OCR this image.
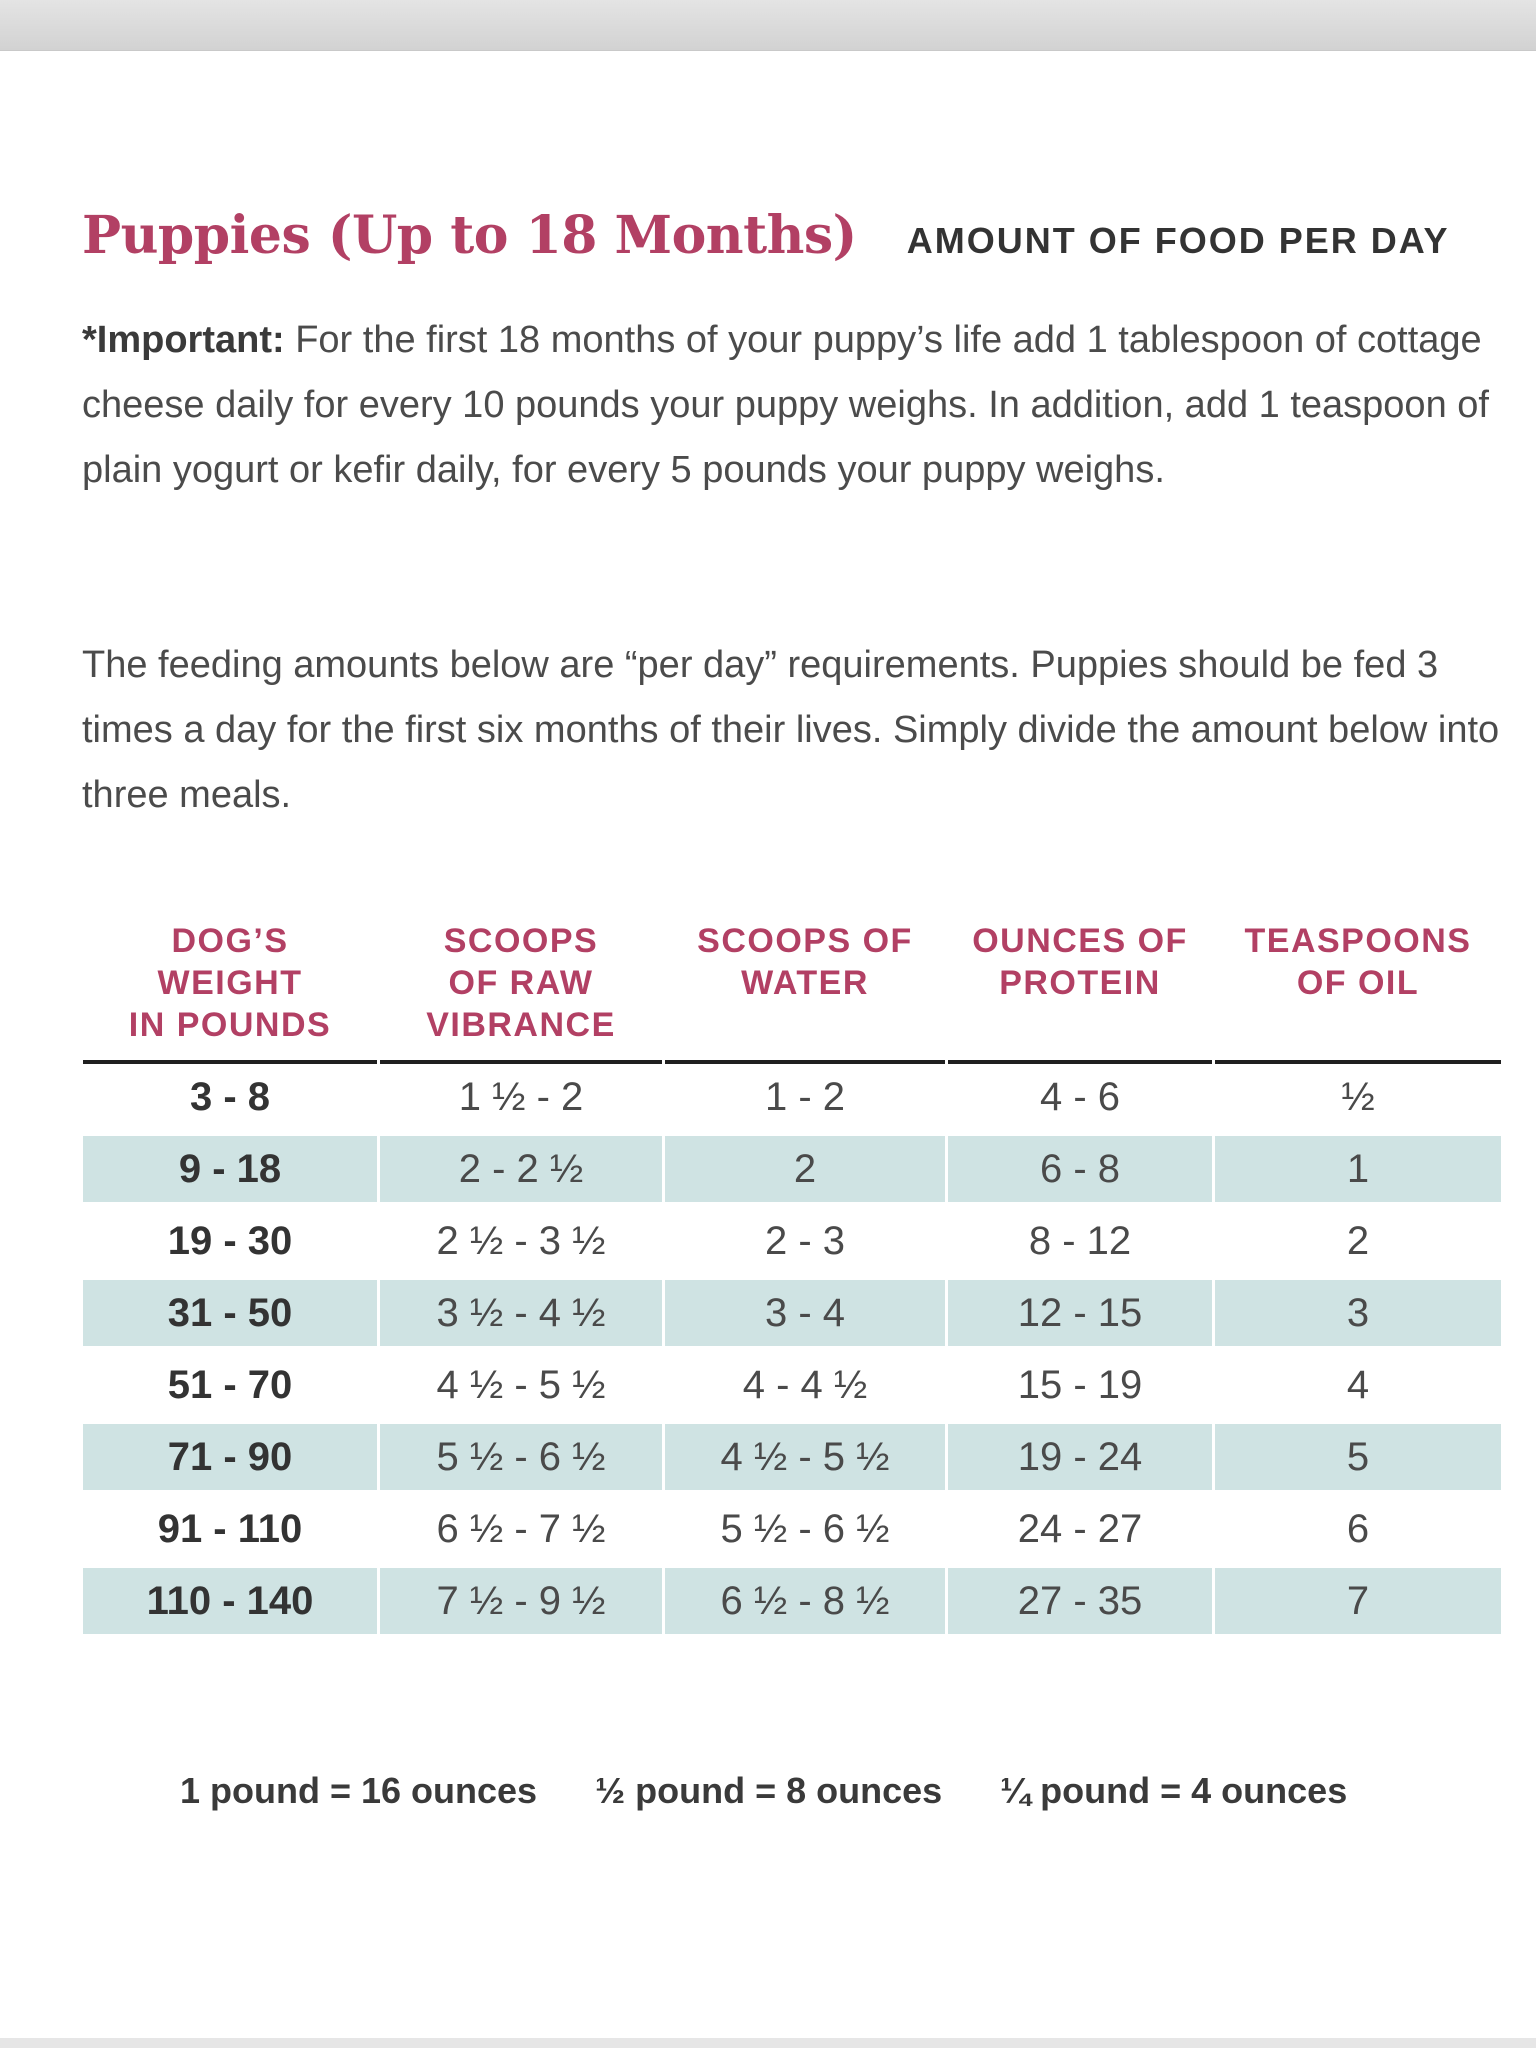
Puppies (Up to 18 Months) AMOUNT OF FOOD PER DAY

*Important: For the first 18 months of your puppy’s life add 1 tablespoon of cottage cheese daily for every 10 pounds your puppy weighs. In addition, add 1 teaspoon of plain yogurt or kefir daily, for every 5 pounds your puppy weighs.

The feeding amounts below are “per day” requirements. Puppies should be fed 3 times a day for the first six months of their lives. Simply divide the amount below into three meals.

DOG’S
WEIGHT
IN POUNDS	SCOOPS
OF RAW
VIBRANCE	SCOOPS OF
WATER	OUNCES OF
PROTEIN	TEASPOONS
OF OIL

3 - 8	1 ½ - 2	1 - 2	4 - 6	½
9 - 18	2 - 2 ½	2	6 - 8	1
19 - 30	2 ½ - 3 ½	2 - 3	8 - 12	2
31 - 50	3 ½ - 4 ½	3 - 4	12 - 15	3
51 - 70	4 ½ - 5 ½	4 - 4 ½	15 - 19	4
71 - 90	5 ½ - 6 ½	4 ½ - 5 ½	19 - 24	5
91 - 110	6 ½ - 7 ½	5 ½ - 6 ½	24 - 27	6
110 - 140	7 ½ - 9 ½	6 ½ - 8 ½	27 - 35	7
1 pound = 16 ounces ½ pound = 8 ounces ¼ pound = 4 ounces
